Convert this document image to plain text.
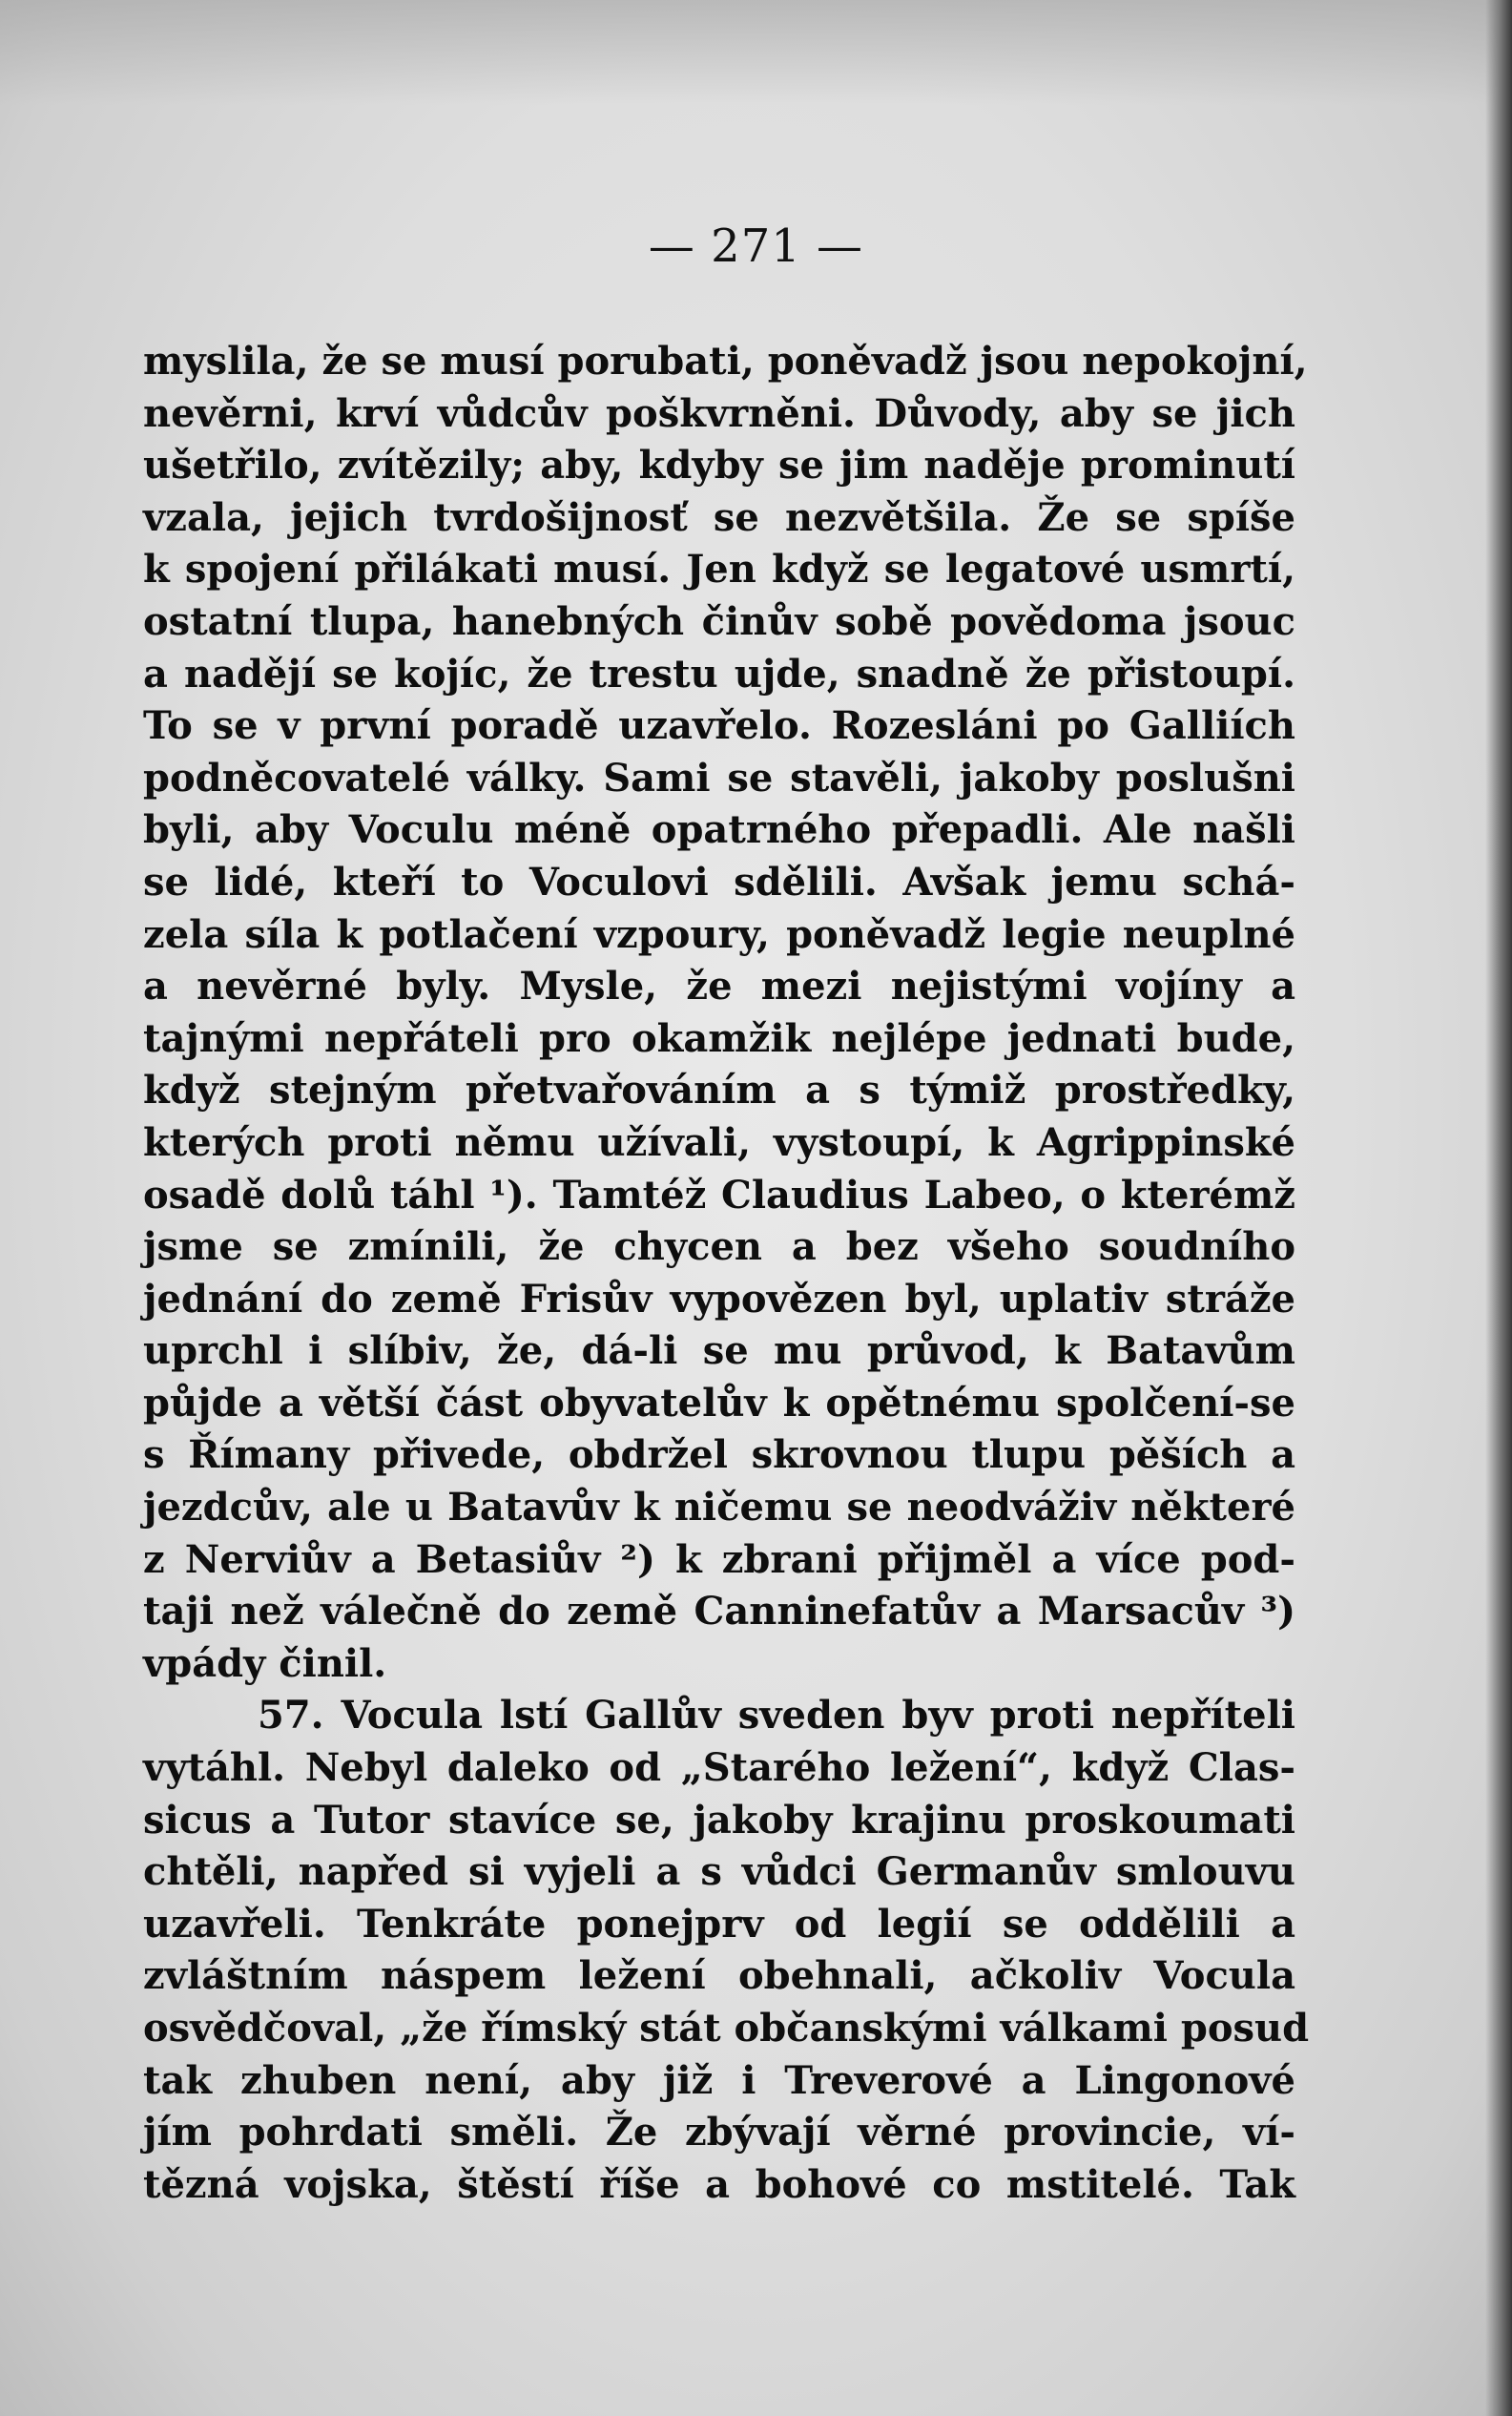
— 271 —
myslila, že se musí porubati, poněvadž jsou nepokojní,
nevěrni, krví vůdcův poškvrněni. Důvody, aby se jich
ušetřilo, zvítězily; aby, kdyby se jim naděje prominutí
vzala, jejich tvrdošijnosť se nezvětšila. Že se spíše
k spojení přilákati musí. Jen když se legatové usmrtí,
ostatní tlupa, hanebných činův sobě povědoma jsouc
a nadějí se kojíc, že trestu ujde, snadně že přistoupí.
To se v první poradě uzavřelo. Rozesláni po Galliích
podněcovatelé války. Sami se stavěli, jakoby poslušni
byli, aby Voculu méně opatrného přepadli. Ale našli
se lidé, kteří to Voculovi sdělili. Avšak jemu schá-
zela síla k potlačení vzpoury, poněvadž legie neuplné
a nevěrné byly. Mysle, že mezi nejistými vojíny a
tajnými nepřáteli pro okamžik nejlépe jednati bude,
když stejným přetvařováním a s týmiž prostředky,
kterých proti němu užívali, vystoupí, k Agrippinské
osadě dolů táhl ¹). Tamtéž Claudius Labeo, o kterémž
jsme se zmínili, že chycen a bez všeho soudního
jednání do země Frisův vypovězen byl, uplativ stráže
uprchl i slíbiv, že, dá-li se mu průvod, k Batavům
půjde a větší část obyvatelův k opětnému spolčení-se
s Římany přivede, obdržel skrovnou tlupu pěších a
jezdcův, ale u Batavův k ničemu se neodváživ některé
z Nerviův a Betasiův ²) k zbrani přijměl a více pod-
taji než válečně do země Canninefatův a Marsacův ³)
vpády činil.
57. Vocula lstí Gallův sveden byv proti nepříteli
vytáhl. Nebyl daleko od „Starého ležení“, když Clas-
sicus a Tutor stavíce se, jakoby krajinu proskoumati
chtěli, napřed si vyjeli a s vůdci Germanův smlouvu
uzavřeli. Tenkráte ponejprv od legií se oddělili a
zvláštním náspem ležení obehnali, ačkoliv Vocula
osvědčoval, „že římský stát občanskými válkami posud
tak zhuben není, aby již i Treverové a Lingonové
jím pohrdati směli. Že zbývají věrné provincie, ví-
tězná vojska, štěstí říše a bohové co mstitelé. Tak
